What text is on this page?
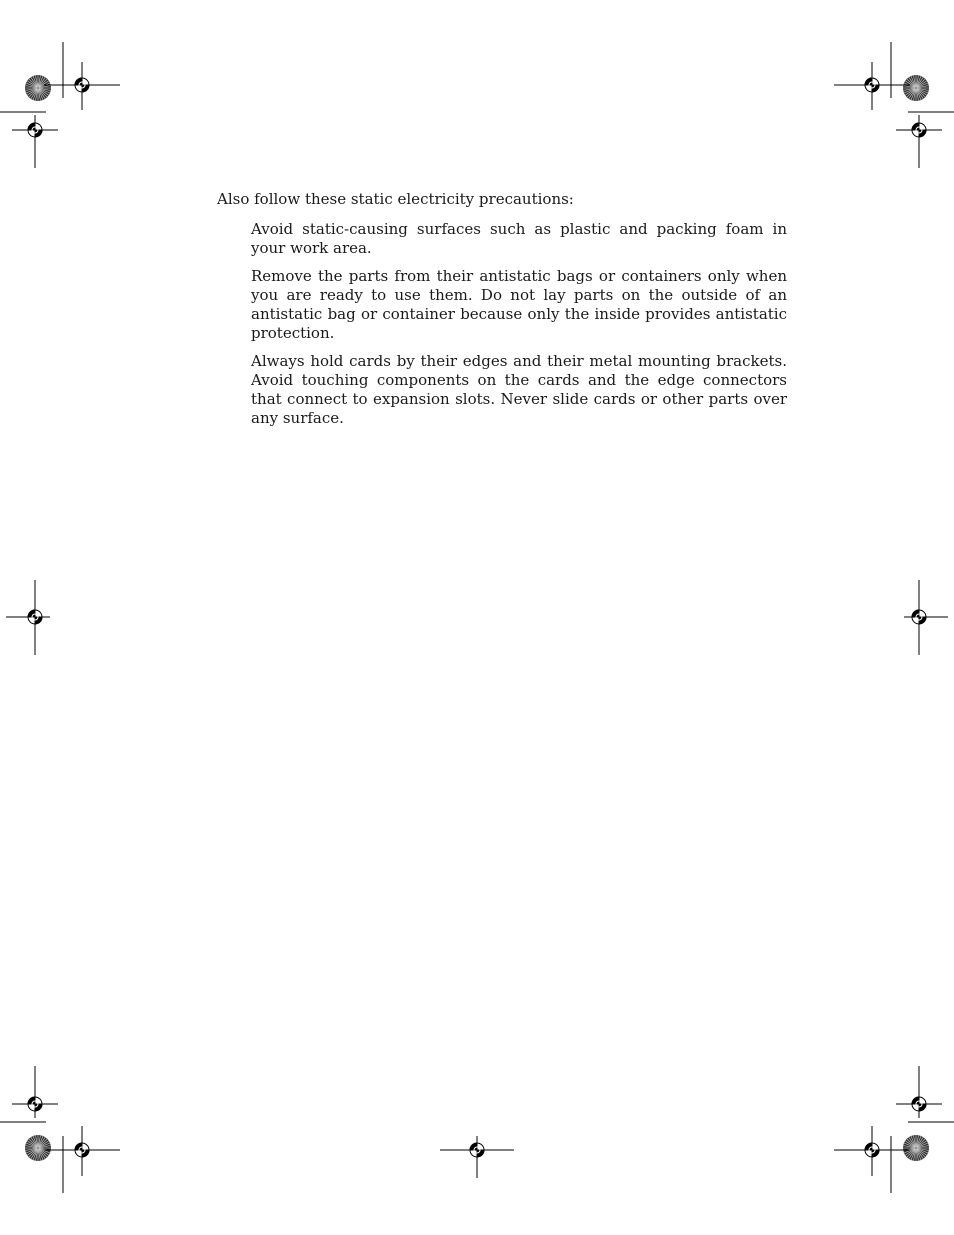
Also follow these static electricity precautions:

Avoid static-causing surfaces such as plastic and packing foam in your work area.
Remove the parts from their antistatic bags or containers only when you are ready to use them. Do not lay parts on the outside of an antistatic bag or container because only the inside provides antistatic protection.
Always hold cards by their edges and their metal mounting brackets. Avoid touching components on the cards and the edge connectors that connect to expansion slots. Never slide cards or other parts over any surface.
